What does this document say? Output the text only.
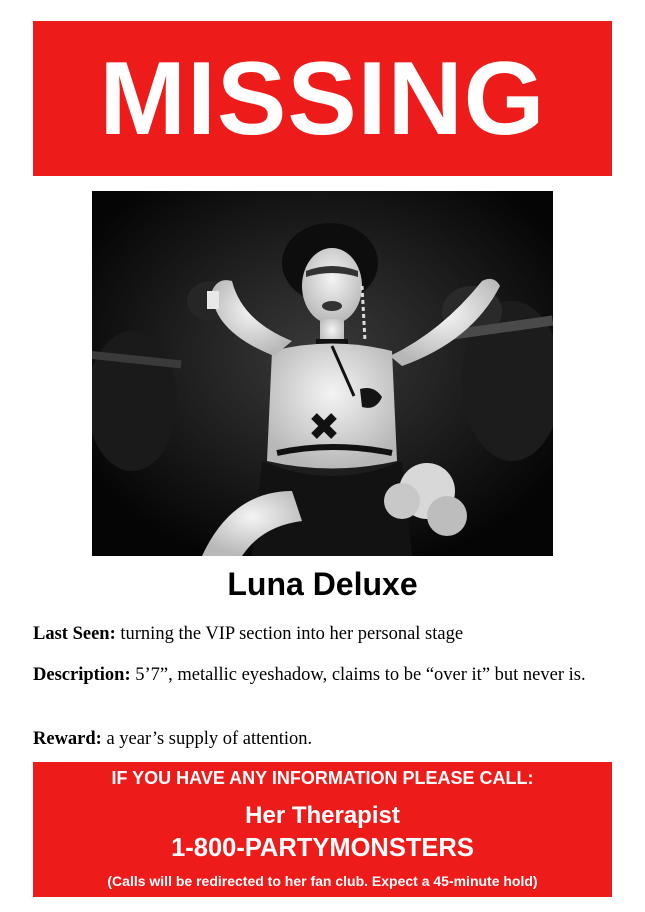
MISSING
Luna Deluxe
Last Seen: turning the VIP section into her personal stage
Description: 5’7”, metallic eyeshadow, claims to be “over it” but never is.
Reward: a year’s supply of attention.
IF YOU HAVE ANY INFORMATION PLEASE CALL:
Her Therapist
1-800-PARTYMONSTERS
(Calls will be redirected to her fan club. Expect a 45-minute hold)
